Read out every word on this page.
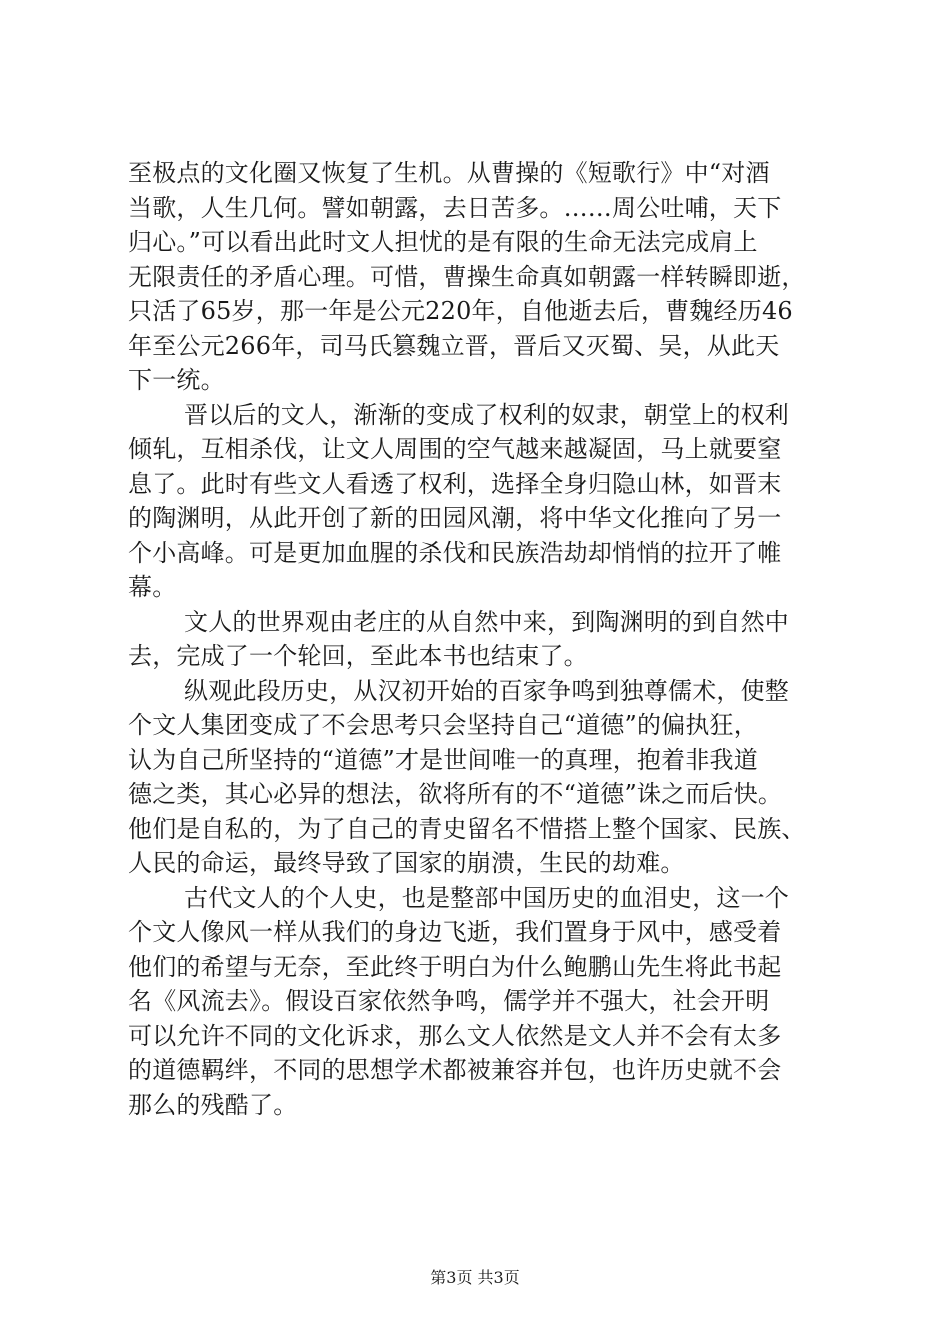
至极点的文化圈又恢复了生机。从曹操的《短歌行》中“对酒
当歌，人生几何。譬如朝露，去日苦多。……周公吐哺，天下
归心。”可以看出此时文人担忧的是有限的生命无法完成肩上
无限责任的矛盾心理。可惜，曹操生命真如朝露一样转瞬即逝，
只活了65岁，那一年是公元220年，自他逝去后，曹魏经历46
年至公元266年，司马氏篡魏立晋，晋后又灭蜀、吴，从此天
下一统。
晋以后的文人，渐渐的变成了权利的奴隶，朝堂上的权利
倾轧，互相杀伐，让文人周围的空气越来越凝固，马上就要窒
息了。此时有些文人看透了权利，选择全身归隐山林，如晋末
的陶渊明，从此开创了新的田园风潮，将中华文化推向了另一
个小高峰。可是更加血腥的杀伐和民族浩劫却悄悄的拉开了帷
幕。
文人的世界观由老庄的从自然中来，到陶渊明的到自然中
去，完成了一个轮回，至此本书也结束了。
纵观此段历史，从汉初开始的百家争鸣到独尊儒术，使整
个文人集团变成了不会思考只会坚持自己“道德”的偏执狂，
认为自己所坚持的“道德”才是世间唯一的真理，抱着非我道
德之类，其心必异的想法，欲将所有的不“道德”诛之而后快。
他们是自私的，为了自己的青史留名不惜搭上整个国家、民族、
人民的命运，最终导致了国家的崩溃，生民的劫难。
古代文人的个人史，也是整部中国历史的血泪史，这一个
个文人像风一样从我们的身边飞逝，我们置身于风中，感受着
他们的希望与无奈，至此终于明白为什么鲍鹏山先生将此书起
名《风流去》。假设百家依然争鸣，儒学并不强大，社会开明
可以允许不同的文化诉求，那么文人依然是文人并不会有太多
的道德羁绊，不同的思想学术都被兼容并包，也许历史就不会
那么的残酷了。
第3页 共3页
